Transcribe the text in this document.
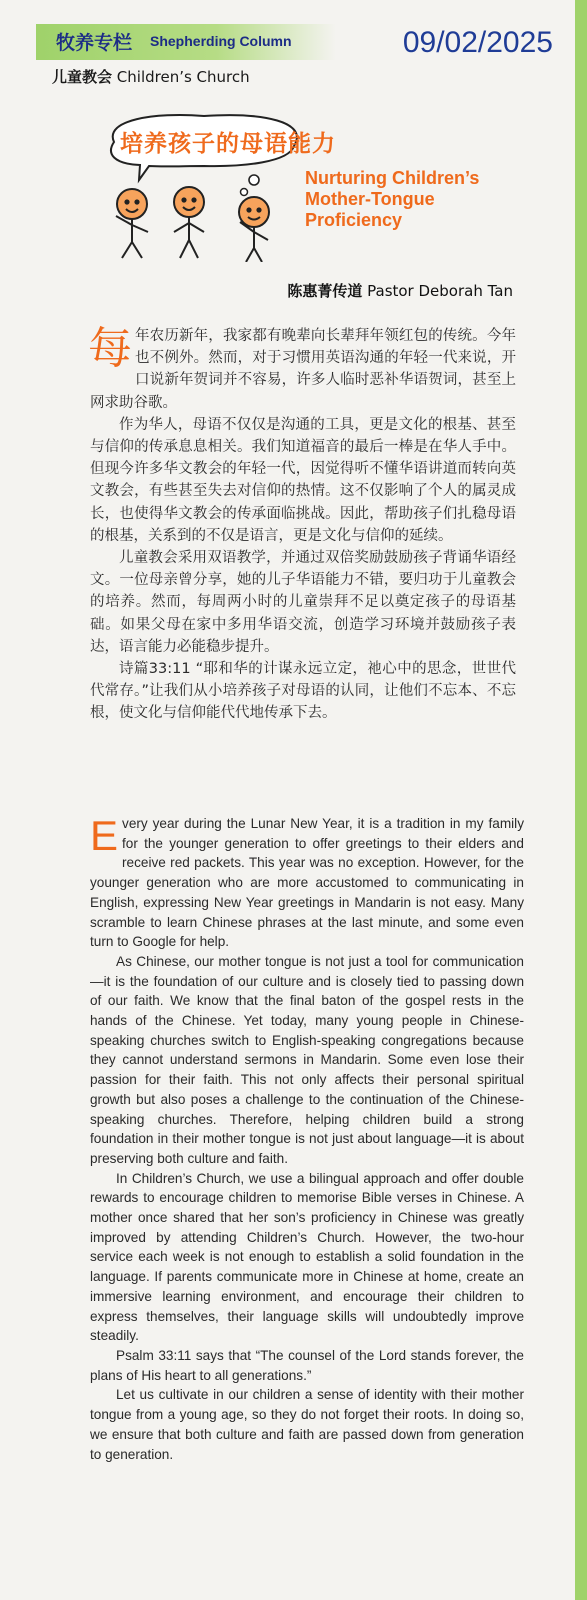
牧养专栏 Shepherding Column	09/02/2025
儿童教会 Children’s Church
培养孩子的母语能力
Nurturing Children’s
Mother-Tongue
Proficiency
陈惠菁传道 Pastor Deborah Tan

每年农历新年，我家都有晚辈向长辈拜年领红包的传统。今年也不例外。然而，对于习惯用英语沟通的年轻一代来说，开口说新年贺词并不容易，许多人临时恶补华语贺词，甚至上网求助谷歌。

作为华人，母语不仅仅是沟通的工具，更是文化的根基、甚至与信仰的传承息息相关。我们知道福音的最后一棒是在华人手中。但现今许多华文教会的年轻一代，因觉得听不懂华语讲道而转向英文教会，有些甚至失去对信仰的热情。这不仅影响了个人的属灵成长，也使得华文教会的传承面临挑战。因此，帮助孩子们扎稳母语的根基，关系到的不仅是语言，更是文化与信仰的延续。

儿童教会采用双语教学，并通过双倍奖励鼓励孩子背诵华语经文。一位母亲曾分享，她的儿子华语能力不错，要归功于儿童教会的培养。然而，每周两小时的儿童崇拜不足以奠定孩子的母语基础。如果父母在家中多用华语交流，创造学习环境并鼓励孩子表达，语言能力必能稳步提升。

诗篇33:11 “耶和华的计谋永远立定，祂心中的思念，世世代代常存。”让我们从小培养孩子对母语的认同，让他们不忘本、不忘根，使文化与信仰能代代地传承下去。

Every year during the Lunar New Year, it is a tradition in my family for the younger generation to offer greetings to their elders and receive red packets. This year was no exception. However, for the younger generation who are more accustomed to communicating in English, expressing New Year greetings in Mandarin is not easy. Many scramble to learn Chinese phrases at the last minute, and some even turn to Google for help.

As Chinese, our mother tongue is not just a tool for communication—it is the foundation of our culture and is closely tied to passing down of our faith. We know that the final baton of the gospel rests in the hands of the Chinese. Yet today, many young people in Chinese-speaking churches switch to English-speaking congregations because they cannot understand sermons in Mandarin. Some even lose their passion for their faith. This not only affects their personal spiritual growth but also poses a challenge to the continuation of the Chinese-speaking churches. Therefore, helping children build a strong foundation in their mother tongue is not just about language—it is about preserving both culture and faith.

In Children’s Church, we use a bilingual approach and offer double rewards to encourage children to memorise Bible verses in Chinese. A mother once shared that her son’s proficiency in Chinese was greatly improved by attending Children’s Church. However, the two-hour service each week is not enough to establish a solid foundation in the language. If parents communicate more in Chinese at home, create an immersive learning environment, and encourage their children to express themselves, their language skills will undoubtedly improve steadily.

Psalm 33:11 says that “The counsel of the Lord stands forever, the plans of His heart to all generations.”

Let us cultivate in our children a sense of identity with their mother tongue from a young age, so they do not forget their roots. In doing so, we ensure that both culture and faith are passed down from generation to generation.
